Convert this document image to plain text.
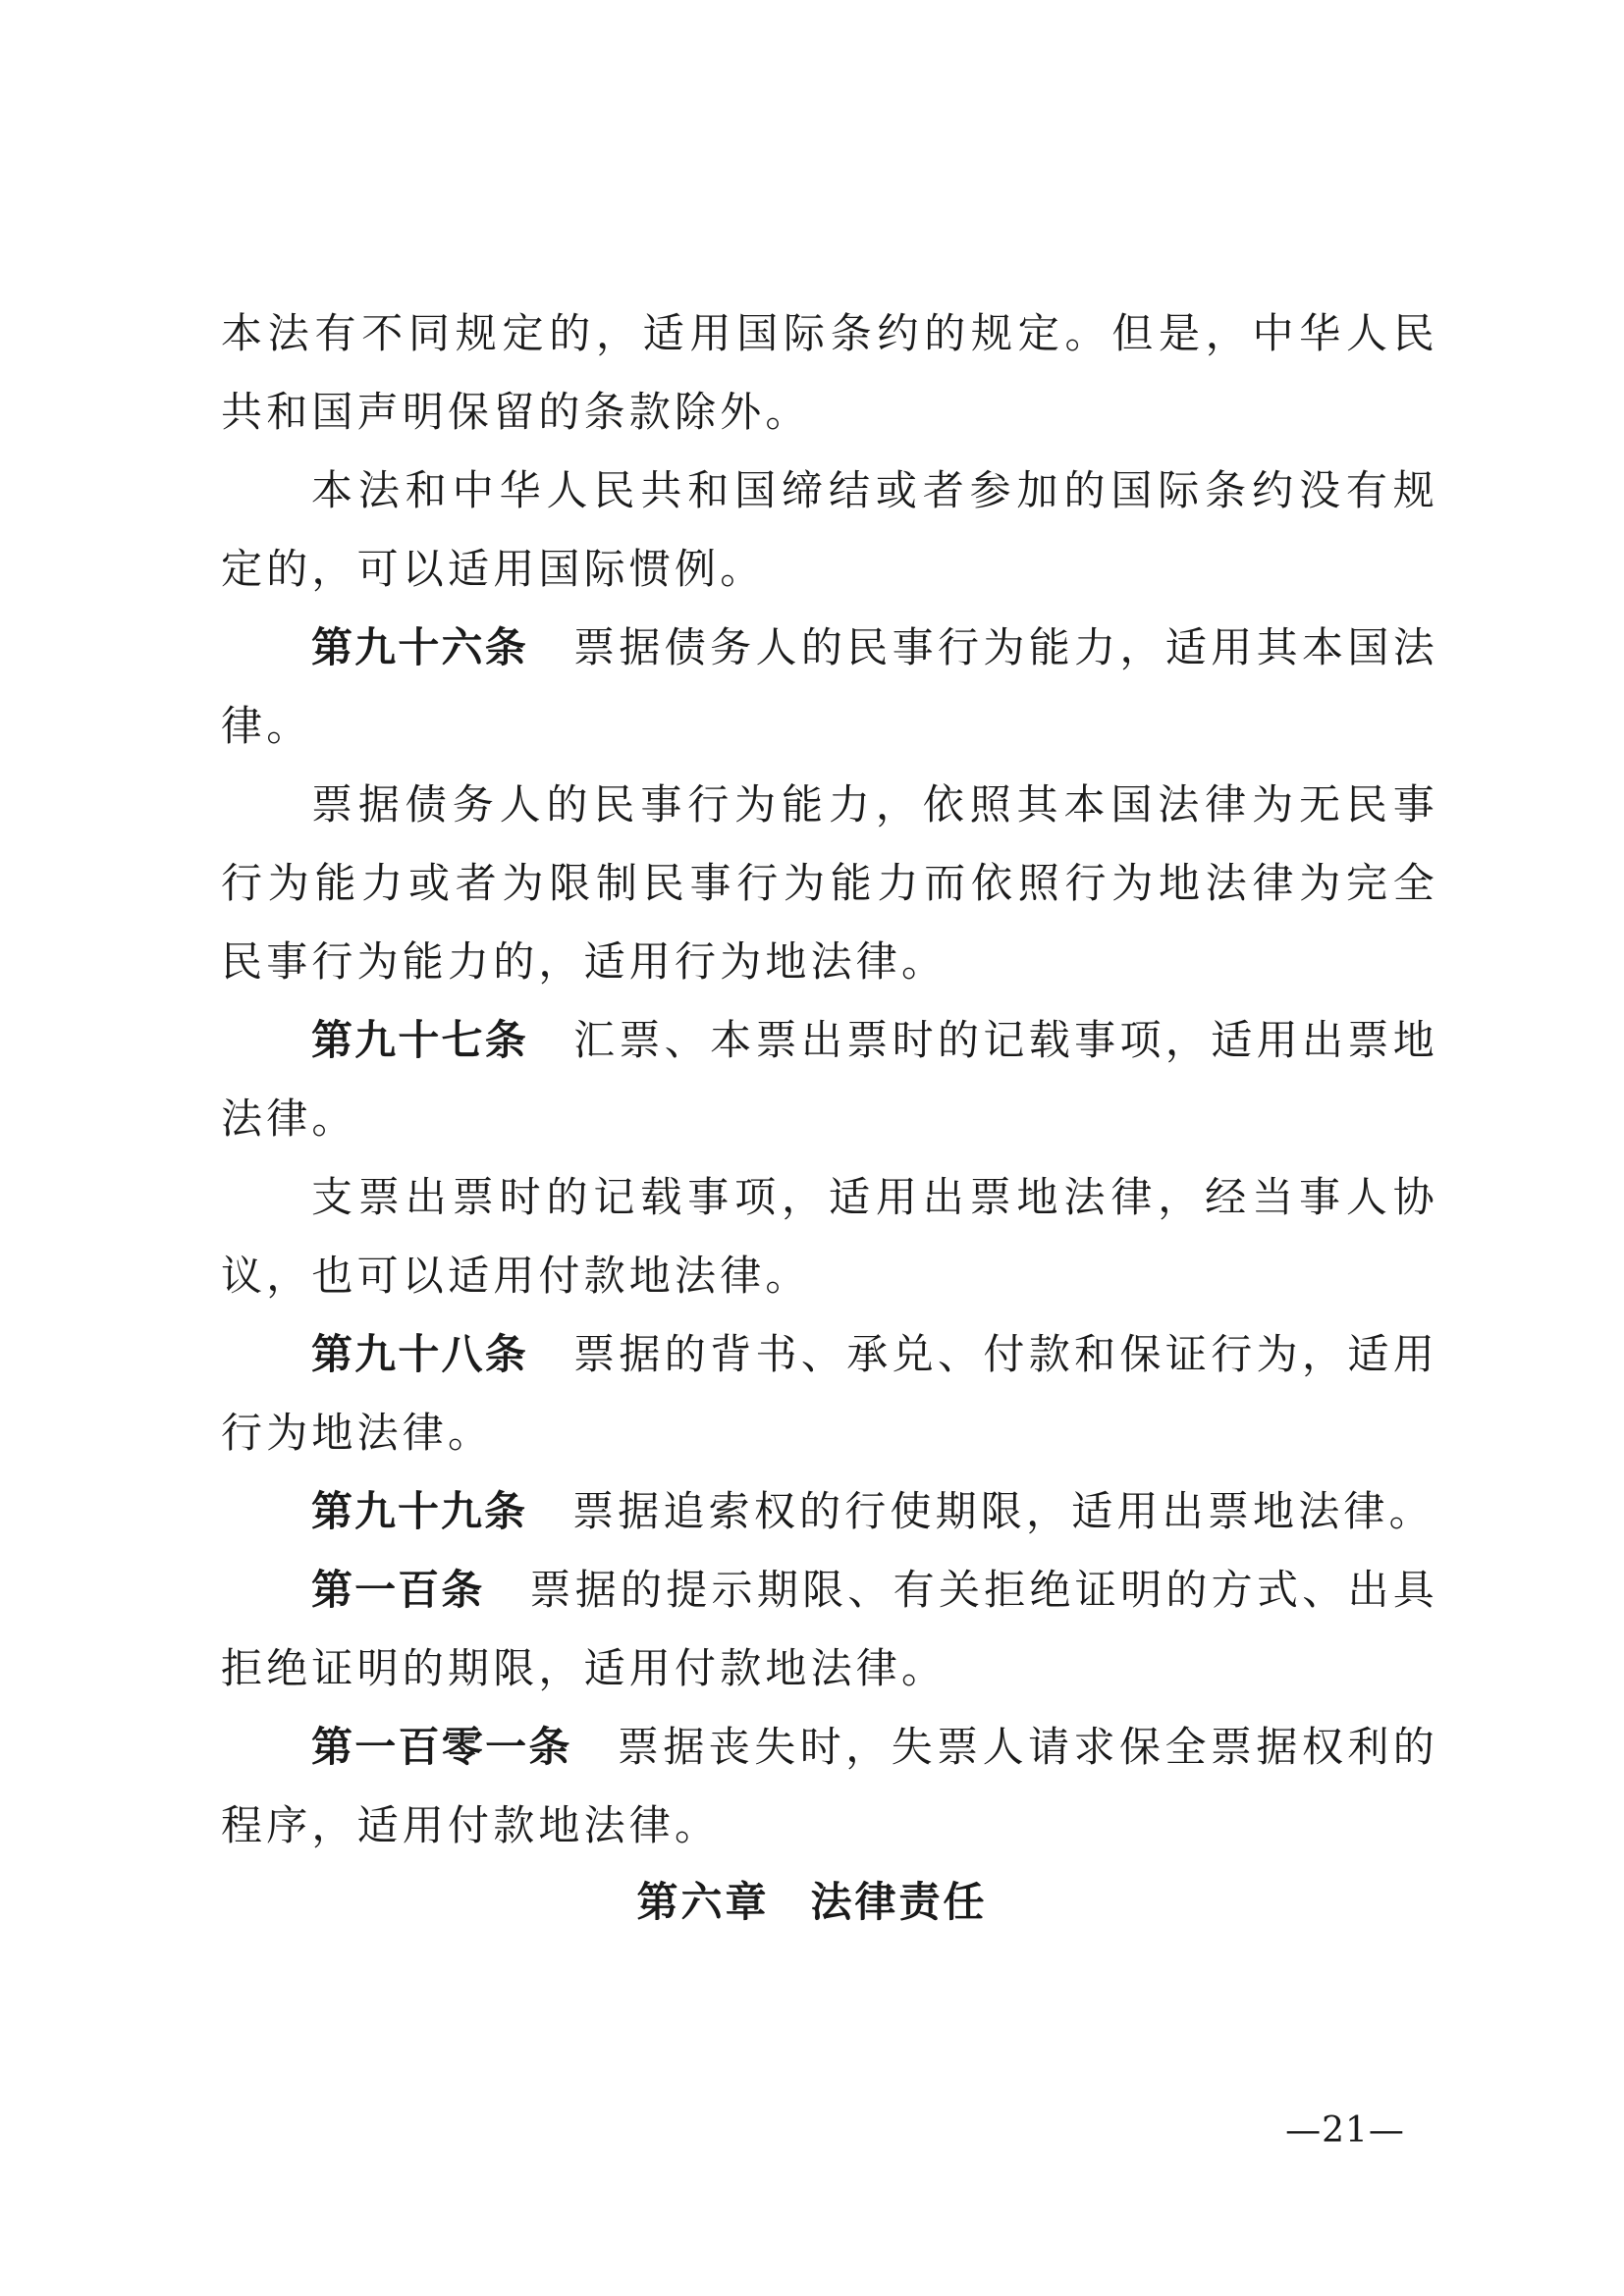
本法有不同规定的，适用国际条约的规定。但是，中华人民共和国声明保留的条款除外。

本法和中华人民共和国缔结或者参加的国际条约没有规定的，可以适用国际惯例。

第九十六条 票据债务人的民事行为能力，适用其本国法律。

票据债务人的民事行为能力，依照其本国法律为无民事行为能力或者为限制民事行为能力而依照行为地法律为完全民事行为能力的，适用行为地法律。

第九十七条 汇票、本票出票时的记载事项，适用出票地法律。

支票出票时的记载事项，适用出票地法律，经当事人协议，也可以适用付款地法律。

第九十八条 票据的背书、承兑、付款和保证行为，适用行为地法律。

第九十九条 票据追索权的行使期限，适用出票地法律。

第一百条 票据的提示期限、有关拒绝证明的方式、出具拒绝证明的期限，适用付款地法律。

第一百零一条 票据丧失时，失票人请求保全票据权利的程序，适用付款地法律。

第六章 法律责任
—21—
